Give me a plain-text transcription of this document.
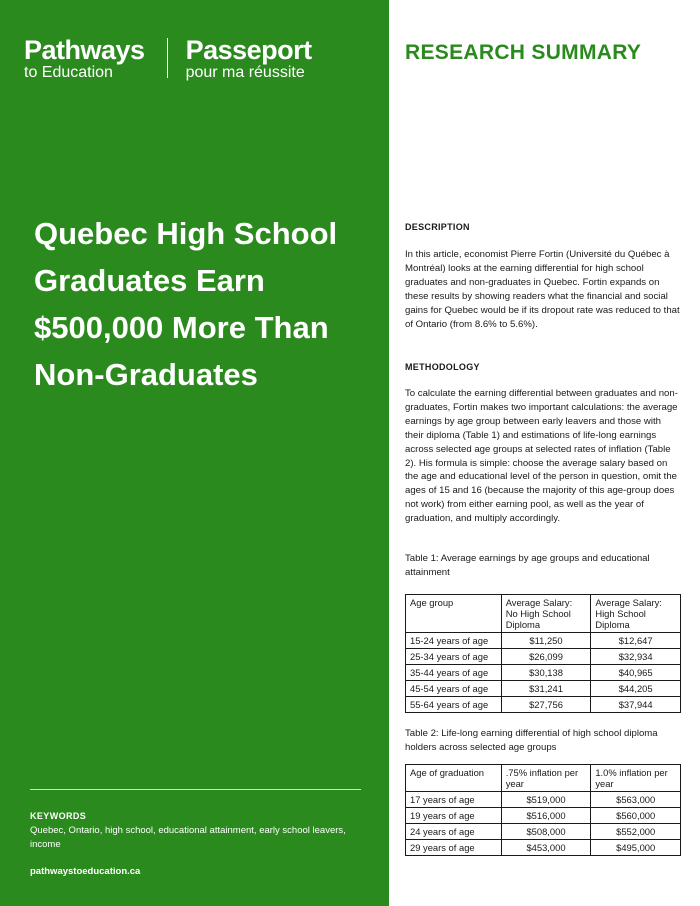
Pathways
to Education
Passeport
pour ma réussite
Quebec High School Graduates Earn $500,000 More Than Non-Graduates
KEYWORDS
Quebec, Ontario, high school, educational attainment, early school leavers, income
pathwaystoeducation.ca
RESEARCH SUMMARY
DESCRIPTION

In this article, economist Pierre Fortin (Université du Québec à Montréal) looks at the earning differential for high school graduates and non-graduates in Quebec. Fortin expands on these results by showing readers what the financial and social gains for Quebec would be if its dropout rate was reduced to that of Ontario (from 8.6% to 5.6%).

METHODOLOGY

To calculate the earning differential between graduates and non-graduates, Fortin makes two important calculations: the average earnings by age group between early leavers and those with their diploma (Table 1) and estimations of life-long earnings across selected age groups at selected rates of inflation (Table 2). His formula is simple: choose the average salary based on the age and educational level of the person in question, omit the ages of 15 and 16 (because the majority of this age-group does not work) from either earning pool, as well as the year of graduation, and multiply accordingly.

Table 1: Average earnings by age groups and educational attainment

Age group	Average Salary: No High School Diploma	Average Salary: High School Diploma
15-24 years of age	$11,250	$12,647
25-34 years of age	$26,099	$32,934
35-44 years of age	$30,138	$40,965
45-54 years of age	$31,241	$44,205
55-64 years of age	$27,756	$37,944

Table 2: Life-long earning differential of high school diploma holders across selected age groups

Age of graduation	.75% inflation per year	1.0% inflation per year
17 years of age	$519,000	$563,000
19 years of age	$516,000	$560,000
24 years of age	$508,000	$552,000
29 years of age	$453,000	$495,000
